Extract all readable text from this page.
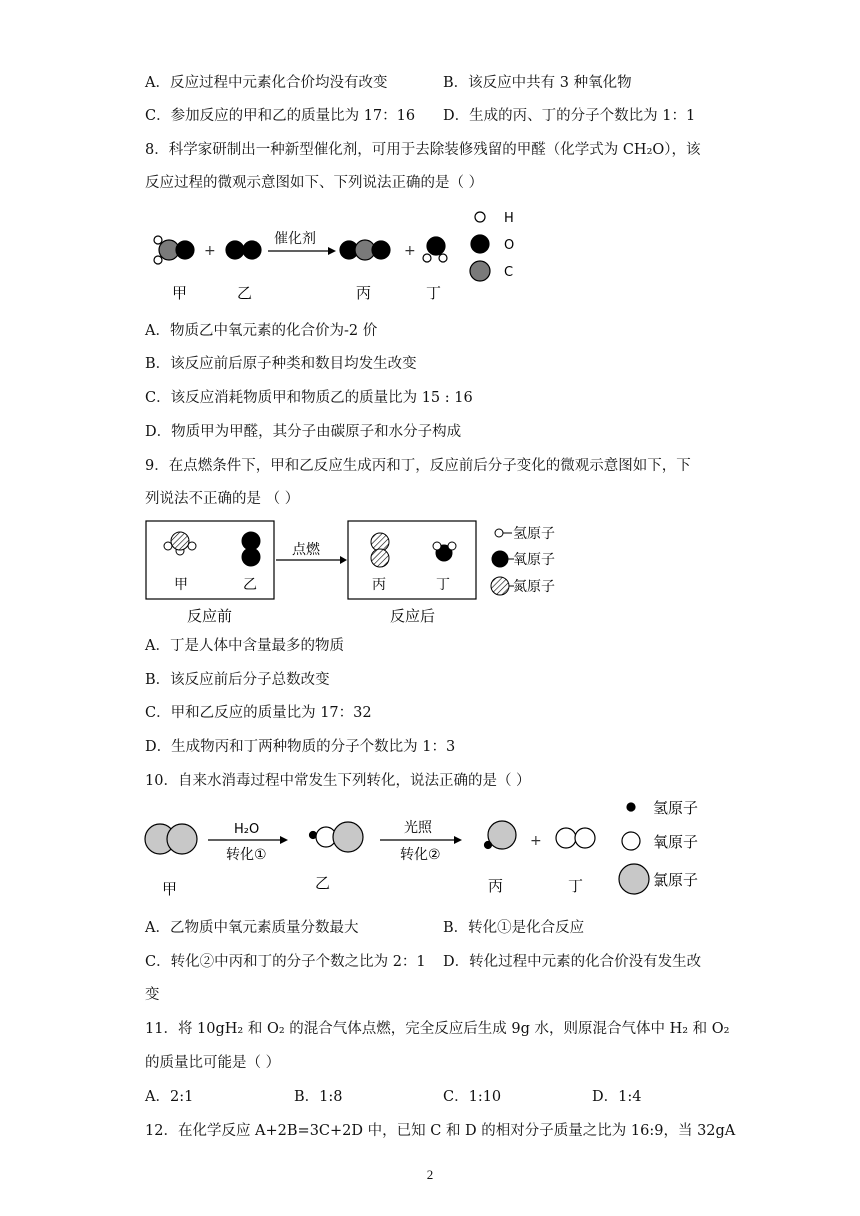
A．反应过程中元素化合价均没有改变	B．该反应中共有 3 种氧化物
C．参加反应的甲和乙的质量比为 17：16 D．生成的丙、丁的分子个数比为 1：1
8．科学家研制出一种新型催化剂，可用于去除装修残留的甲醛（化学式为 CH₂O），该
反应过程的微观示意图如下、下列说法正确的是（ ）
+	+
催化剂
甲	乙	丙	丁
H
O
C
A．物质乙中氧元素的化合价为-2 价
B．该反应前后原子种类和数目均发生改变
C．该反应消耗物质甲和物质乙的质量比为 15 : 16
D．物质甲为甲醛，其分子由碳原子和水分子构成
9．在点燃条件下，甲和乙反应生成丙和丁，反应前后分子变化的微观示意图如下，下
列说法不正确的是 （ ）
点燃
甲	乙	丙	丁
反应前	反应后
氢原子
氧原子
氮原子
A．丁是人体中含量最多的物质
B．该反应前后分子总数改变
C．甲和乙反应的质量比为 17：32
D．生成物丙和丁两种物质的分子个数比为 1：3
10．自来水消毒过程中常发生下列转化，说法正确的是（ ）
+
H₂O
转化①
光照
转化②
甲	乙	丙	丁
氢原子
氧原子
氯原子
A．乙物质中氧元素质量分数最大	B．转化①是化合反应
C．转化②中丙和丁的分子个数之比为 2：1 D．转化过程中元素的化合价没有发生改
变
11．将 10gH₂ 和 O₂ 的混合气体点燃，完全反应后生成 9g 水，则原混合气体中 H₂ 和 O₂
的质量比可能是（ ）
A．2:1	B．1:8	C．1:10	D．1:4
12．在化学反应 A+2B=3C+2D 中，已知 C 和 D 的相对分子质量之比为 16:9，当 32gA
2
